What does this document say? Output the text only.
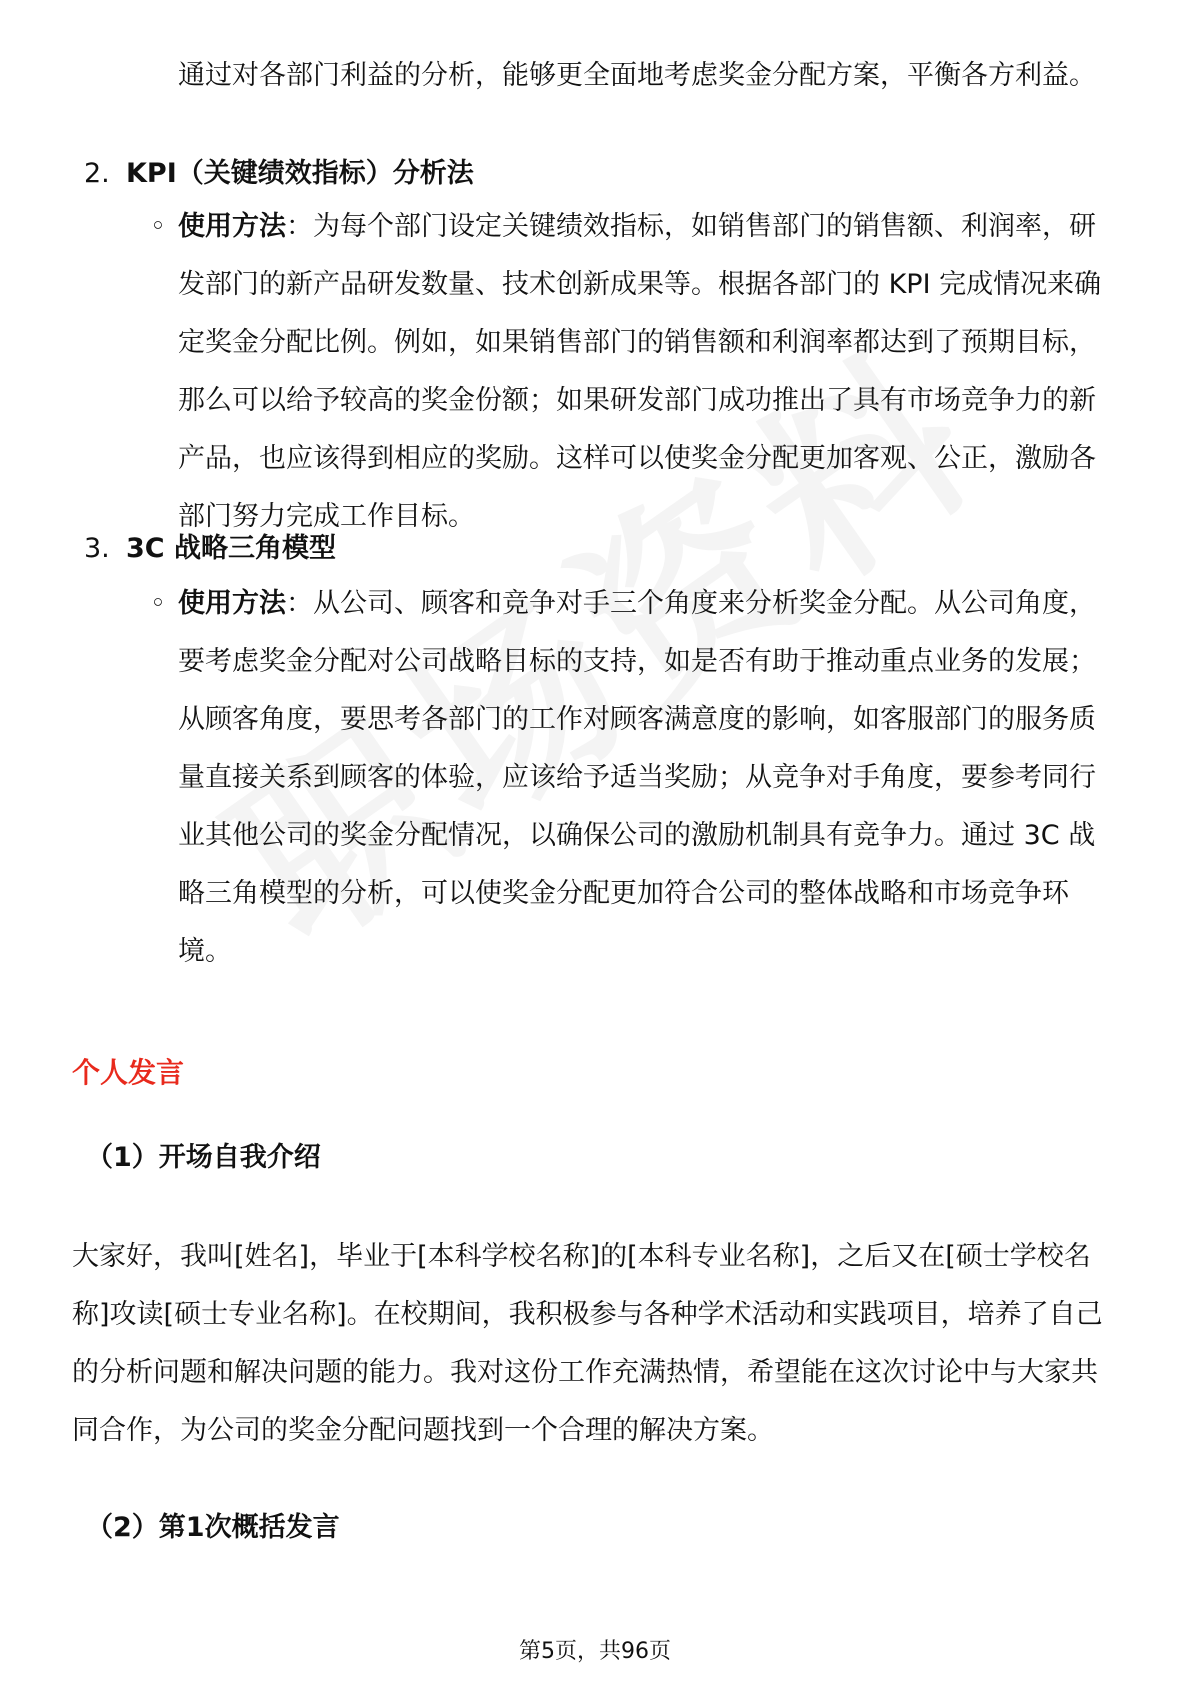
通过对各部门利益的分析，能够更全面地考虑奖金分配方案，平衡各方利益。
2. KPI（关键绩效指标）分析法
◦ 使用方法：为每个部门设定关键绩效指标，如销售部门的销售额、利润率，研发部门的新产品研发数量、技术创新成果等。根据各部门的 KPI 完成情况来确定奖金分配比例。例如，如果销售部门的销售额和利润率都达到了预期目标，那么可以给予较高的奖金份额；如果研发部门成功推出了具有市场竞争力的新产品，也应该得到相应的奖励。这样可以使奖金分配更加客观、公正，激励各部门努力完成工作目标。
3. 3C 战略三角模型
◦ 使用方法：从公司、顾客和竞争对手三个角度来分析奖金分配。从公司角度，要考虑奖金分配对公司战略目标的支持，如是否有助于推动重点业务的发展；从顾客角度，要思考各部门的工作对顾客满意度的影响，如客服部门的服务质量直接关系到顾客的体验，应该给予适当奖励；从竞争对手角度，要参考同行业其他公司的奖金分配情况，以确保公司的激励机制具有竞争力。通过 3C 战略三角模型的分析，可以使奖金分配更加符合公司的整体战略和市场竞争环境。
个人发言
（1）开场自我介绍
大家好，我叫[姓名]，毕业于[本科学校名称]的[本科专业名称]，之后又在[硕士学校名称]攻读[硕士专业名称]。在校期间，我积极参与各种学术活动和实践项目，培养了自己的分析问题和解决问题的能力。我对这份工作充满热情，希望能在这次讨论中与大家共同合作，为公司的奖金分配问题找到一个合理的解决方案。
（2）第1次概括发言
第5页，共96页
